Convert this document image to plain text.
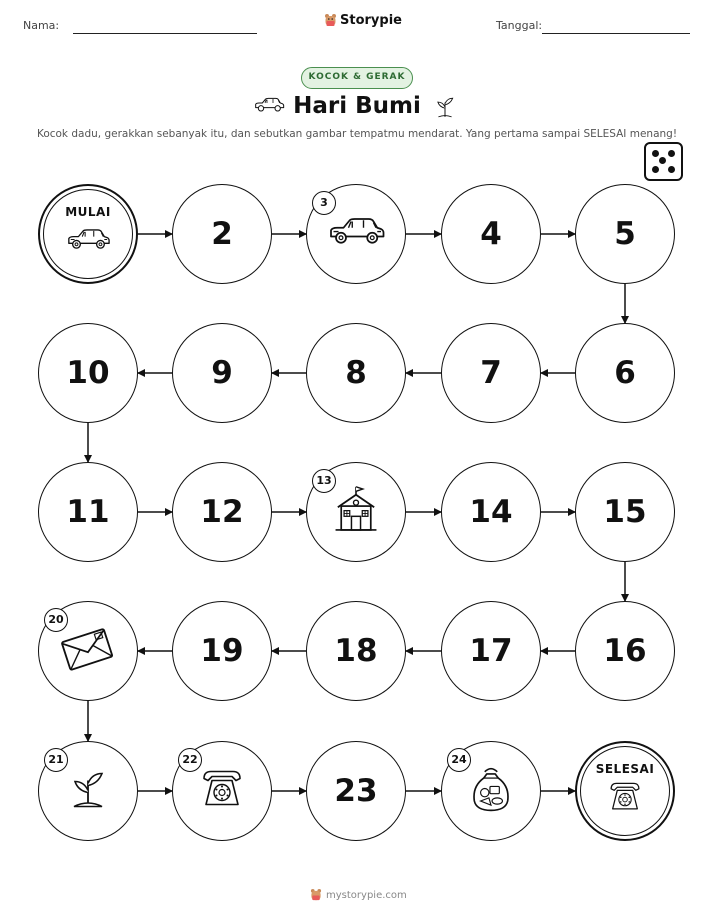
Nama:	Storypie	Tanggal:
KOCOK & GERAK
Hari Bumi
Kocok dadu, gerakkan sebanyak itu, dan sebutkan gambar tempatmu mendarat. Yang pertama sampai SELESAI menang!
MULAI
2
3
4	5
6
7
8
9
10
11	12
13
14	15
16
17
18
19
20
21	22
23
24
SELESAI
mystorypie.com
